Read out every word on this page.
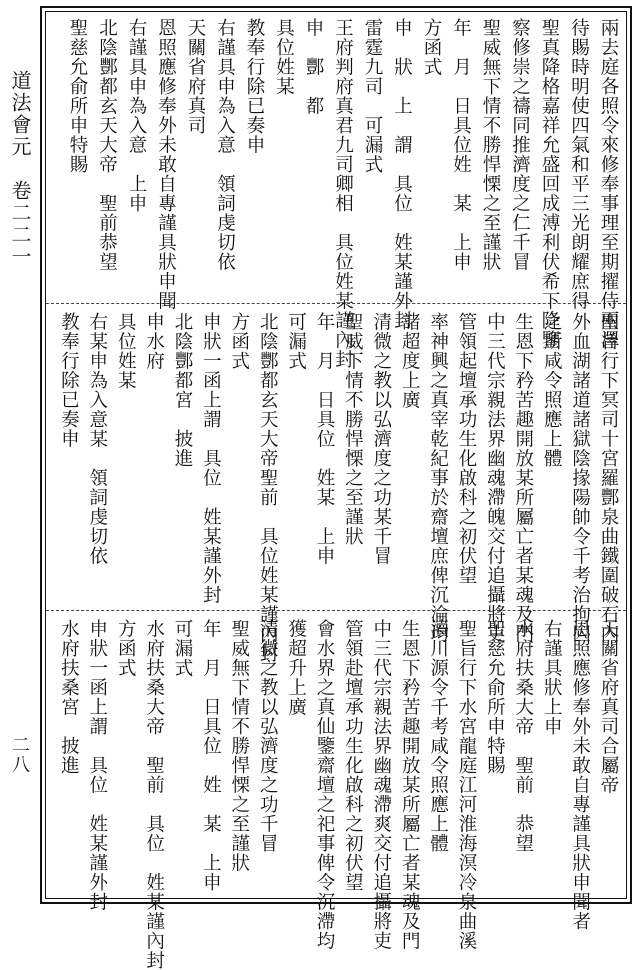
道法會元　卷二二一
二八
兩去庭各照令來修奉事理至期擢侍兩澤
待賜時明使四氣和平三光朗耀庶得
聖真降格嘉祥允盛回成溥利伏希下降鑒
察修崇之禱同推濟度之仁千冒
聖威無下情不勝悍慄之至謹狀
年　月　日具位姓　某　上申
方函式
申　狀　上　謂　具位　姓某謹外封
雷霆九司　可漏式
王府判府真君九司卿相　具位姓某謹內封
申　酆　都
具位姓某
教奉行除已奏申
右謹具申為入意　領詞虔切依
天關省府真司
恩照應修奉外未敢自專謹具狀申聞
右謹具申為入意　上申
北陰酆都玄天大帝　聖前恭望
聖慈允俞所申特賜
聖旨行下冥司十宮羅酆泉曲鐵圍破石內
外血湖諸道諸獄陰掾陽帥令千考治拘囚
之所咸令照應上體
生恩下矜苦趣開放某所屬亡者某魂及門
中三代宗親法界幽魂滯魄交付追攝將吏
管領起壇承功生化啟科之初伏望
率神興之真宰乾紀事於齋壇庶俾沉淪均
諸超度上廣
清微之教以弘濟度之功某千冒
聖威下情不勝悍慄之至謹狀
年　月　日具位　姓某　上申
可漏式
北陰酆都玄天大帝聖前　具位姓某謹內封
方函式
申狀一函上謂　具位　姓某謹外封
北陰酆都宮　披進
申水府
具位姓某
右某申為入意某　領詞虔切依
教奉行除已奏申
天關省府真司合屬帝
恩照應修奉外未敢自專謹具狀申聞者
右謹具狀上申
水府扶桑大帝　聖前　恭望
聖慈允俞所申特賜
聖旨行下水宮龍庭江河淮海溟冷泉曲溪
瀆川源令千考咸令照應上體
生恩下矜苦趣開放某所屬亡者某魂及門
中三代宗親法界幽魂滯爽交付追攝將吏
管領赴壇承功生化啟科之初伏望
會水界之真仙鑒齋壇之祀事俾令沉滯均
獲超升上廣
清微之教以弘濟度之功千冒
聖威無下情不勝悍慄之至謹狀
年　月　日具位　姓　某　上申
可漏式
水府扶桑大帝　聖前　具位　姓某謹內封
方函式
申狀一函上謂　具位　姓某謹外封
水府扶桑宮　披進
